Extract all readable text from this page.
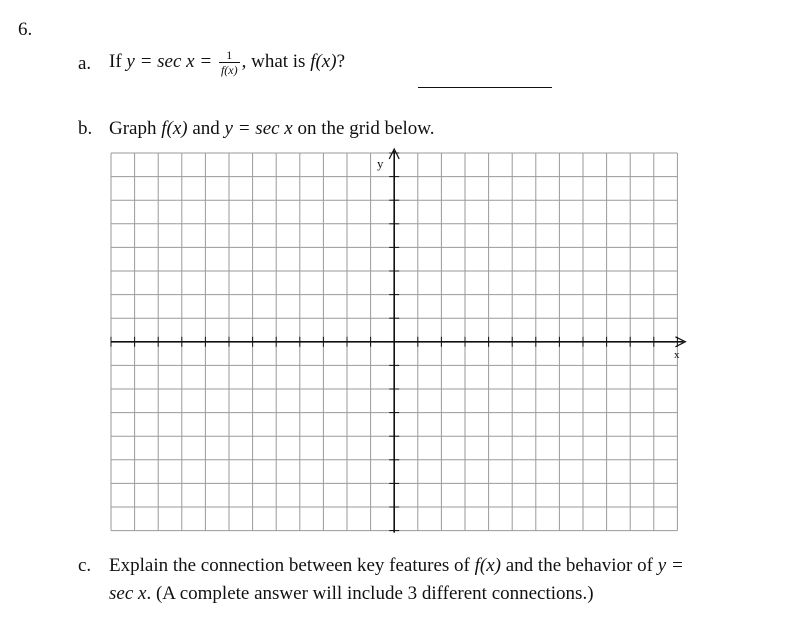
6.
a. If $y = \sec x = \frac{1}{f(x)}$ , what is f(x)?
b. Graph f(x) and y = sec x on the grid below.
y
x
c. Explain the connection between key features of f(x) and the behavior of y =
sec x. (A complete answer will include 3 different connections.)
